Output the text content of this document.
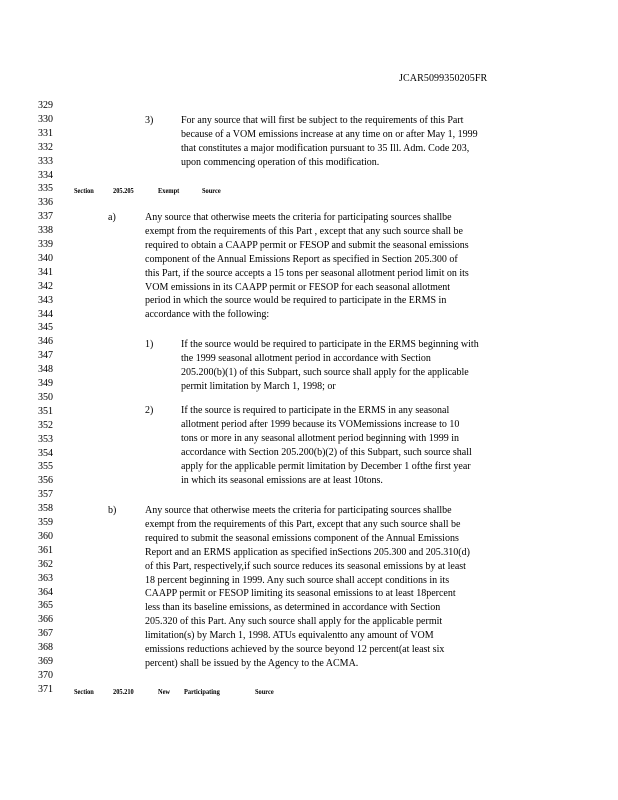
JCAR5099350205FR
329
330
331
332
333
334
335
336
337
338
339
340
341
342
343
344
345
346
347
348
349
350
351
352
353
354
355
356
357
358
359
360
361
362
363
364
365
366
367
368
369
370
371
3)	For any source that will first be subject to the requirements of this Part
because of a VOM emissions increase at any time on or after May 1, 1999
that constitutes a major modification pursuant to 35 Ill. Adm. Code 203,
upon commencing operation of this modification.
Section	205.205	Exempt	Source
a)	Any source that otherwise meets the criteria for participating sources shallbe
exempt from the requirements of this Part , except that any such source shall be
required to obtain a CAAPP permit or FESOP and submit the seasonal emissions
component of the Annual Emissions Report as specified in Section 205.300 of
this Part, if the source accepts a 15 tons per seasonal allotment period limit on its
VOM emissions in its CAAPP permit or FESOP for each seasonal allotment
period in which the source would be required to participate in the ERMS in
accordance with the following:
1)	If the source would be required to participate in the ERMS beginning with
the 1999 seasonal allotment period in accordance with Section
205.200(b)(1) of this Subpart, such source shall apply for the applicable
permit limitation by March 1, 1998; or
2)	If the source is required to participate in the ERMS in any seasonal
allotment period after 1999 because its VOMemissions increase to 10
tons or more in any seasonal allotment period beginning with 1999 in
accordance with Section 205.200(b)(2) of this Subpart, such source shall
apply for the applicable permit limitation by December 1 ofthe first year
in which its seasonal emissions are at least 10tons.
b)	Any source that otherwise meets the criteria for participating sources shallbe
exempt from the requirements of this Part, except that any such source shall be
required to submit the seasonal emissions component of the Annual Emissions
Report and an ERMS application as specified inSections 205.300 and 205.310(d)
of this Part, respectively,if such source reduces its seasonal emissions by at least
18 percent beginning in 1999. Any such source shall accept conditions in its
CAAPP permit or FESOP limiting its seasonal emissions to at least 18percent
less than its baseline emissions, as determined in accordance with Section
205.320 of this Part. Any such source shall apply for the applicable permit
limitation(s) by March 1, 1998. ATUs equivalentto any amount of VOM
emissions reductions achieved by the source beyond 12 percent(at least six
percent) shall be issued by the Agency to the ACMA.
Section	205.210	New Participating	Source
